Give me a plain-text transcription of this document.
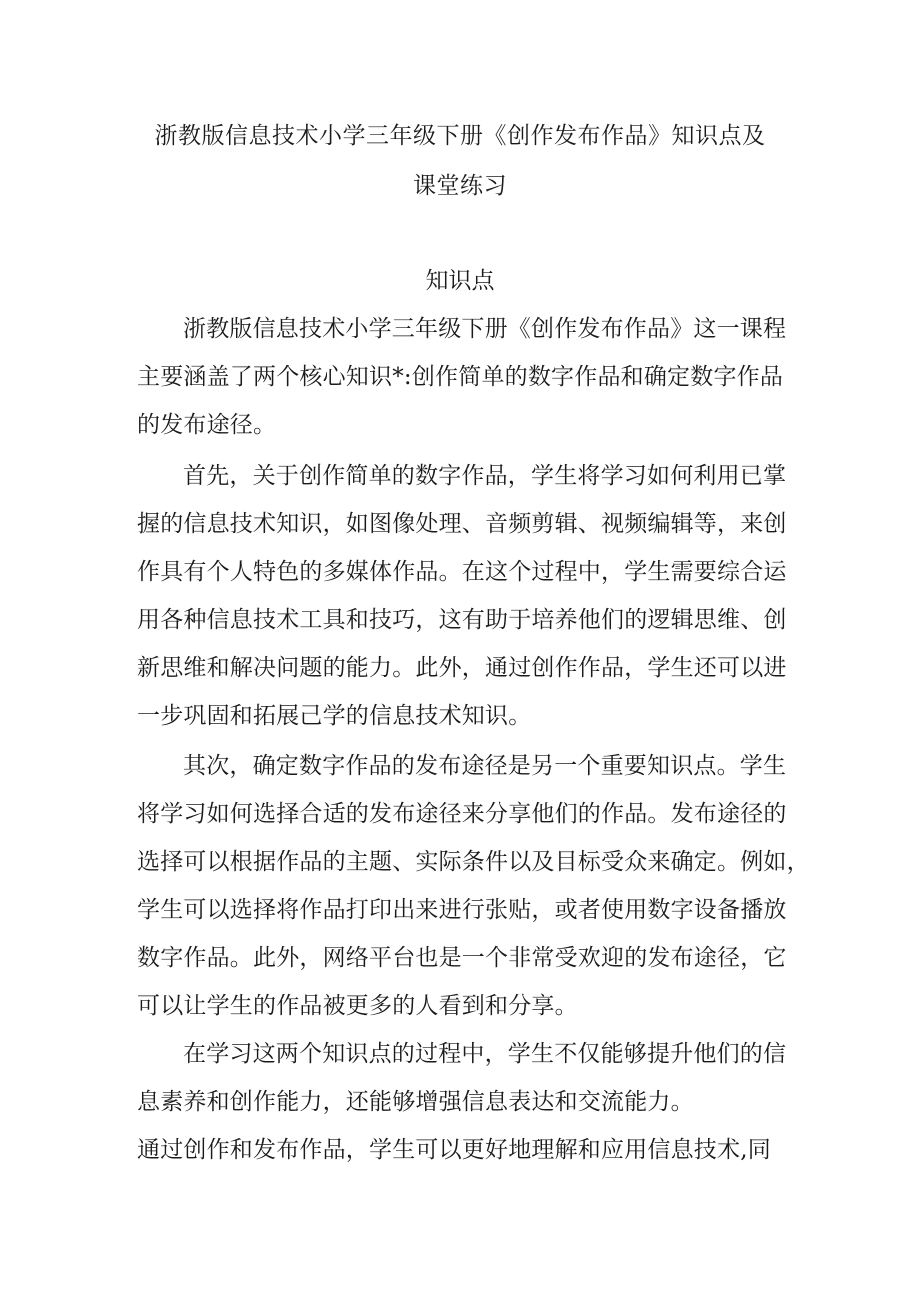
浙教版信息技术小学三年级下册《创作发布作品》知识点及
课堂练习
知识点
浙教版信息技术小学三年级下册《创作发布作品》这一课程
主要涵盖了两个核心知识*:创作简单的数字作品和确定数字作品
的发布途径。
首先，关于创作简单的数字作品，学生将学习如何利用已掌
握的信息技术知识，如图像处理、音频剪辑、视频编辑等，来创
作具有个人特色的多媒体作品。在这个过程中，学生需要综合运
用各种信息技术工具和技巧，这有助于培养他们的逻辑思维、创
新思维和解决问题的能力。此外，通过创作作品，学生还可以进
一步巩固和拓展己学的信息技术知识。
其次，确定数字作品的发布途径是另一个重要知识点。学生
将学习如何选择合适的发布途径来分享他们的作品。发布途径的
选择可以根据作品的主题、实际条件以及目标受众来确定。例如，
学生可以选择将作品打印出来进行张贴，或者使用数字设备播放
数字作品。此外，网络平台也是一个非常受欢迎的发布途径，它
可以让学生的作品被更多的人看到和分享。
在学习这两个知识点的过程中，学生不仅能够提升他们的信
息素养和创作能力，还能够增强信息表达和交流能力。
通过创作和发布作品，学生可以更好地理解和应用信息技术,同
